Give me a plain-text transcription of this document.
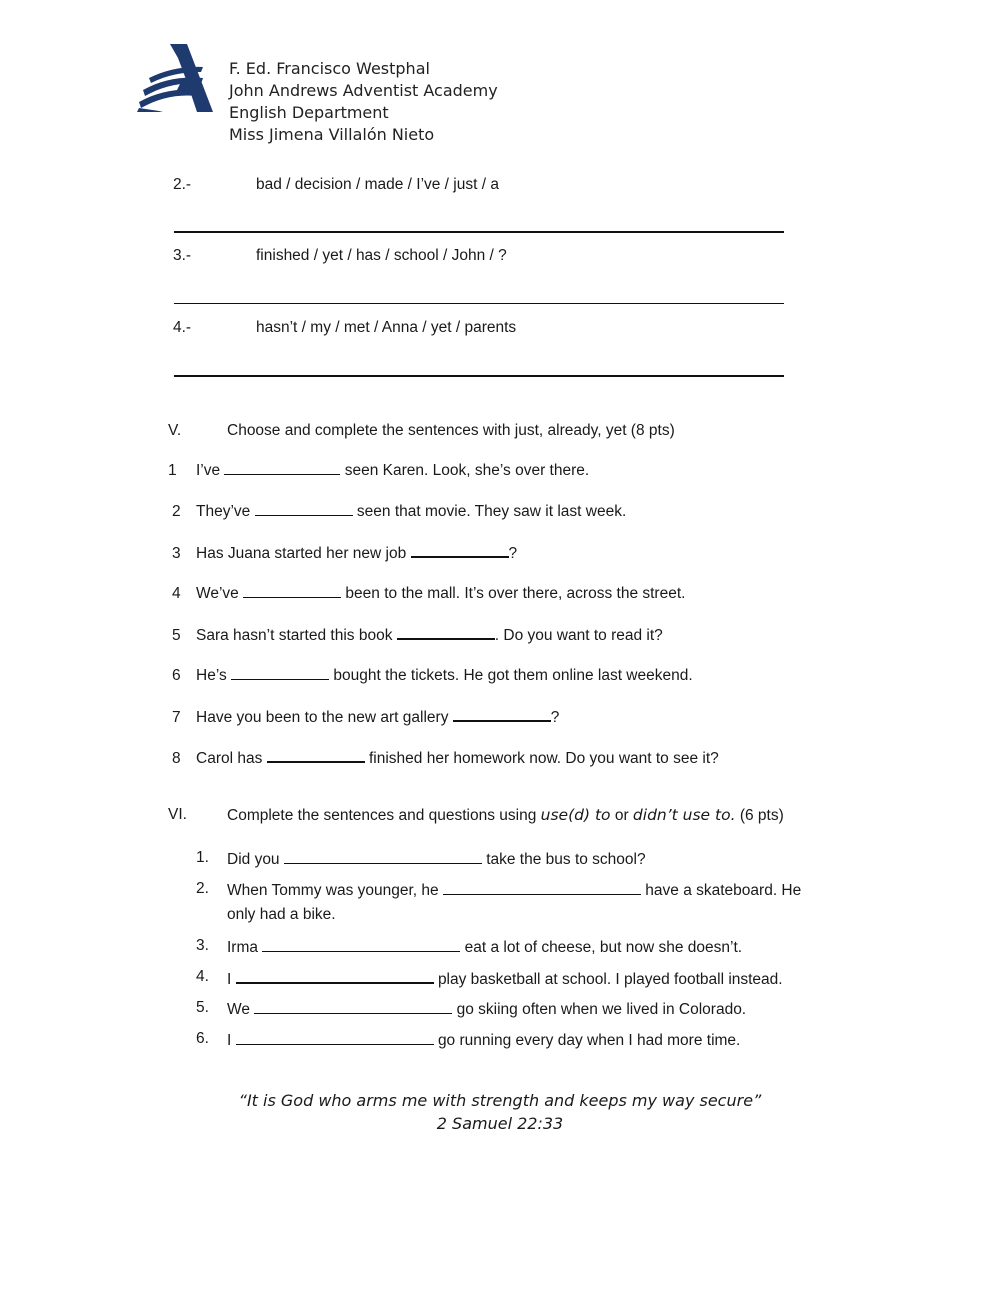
F. Ed. Francisco Westphal
John Andrews Adventist Academy
English Department
Miss Jimena Villalón Nieto
2.-	bad / decision / made / I’ve / just / a
3.-	finished / yet / has / school / John / ?
4.-	hasn’t / my / met / Anna / yet / parents
V.	Choose and complete the sentences with just, already, yet (8 pts)
1 I’ve	seen Karen. Look, she’s over there.
2 They’ve	seen that movie. They saw it last week.
3 Has Juana started her new job	?
4 We’ve	been to the mall. It’s over there, across the street.
5 Sara hasn’t started this book	. Do you want to read it?
6 He’s	bought the tickets. He got them online last weekend.
7 Have you been to the new art gallery	?
8 Carol has	finished her homework now. Do you want to see it?
VI.	Complete the sentences and questions using use(d) to or didn’t use to. (6 pts)
1. Did you	take the bus to school?
2. When Tommy was younger, he	have a skateboard. He
only had a bike.
3. Irma	eat a lot of cheese, but now she doesn’t.
4. I	play basketball at school. I played football instead.
5. We	go skiing often when we lived in Colorado.
6. I	go running every day when I had more time.
“It is God who arms me with strength and keeps my way secure”
2 Samuel 22:33
